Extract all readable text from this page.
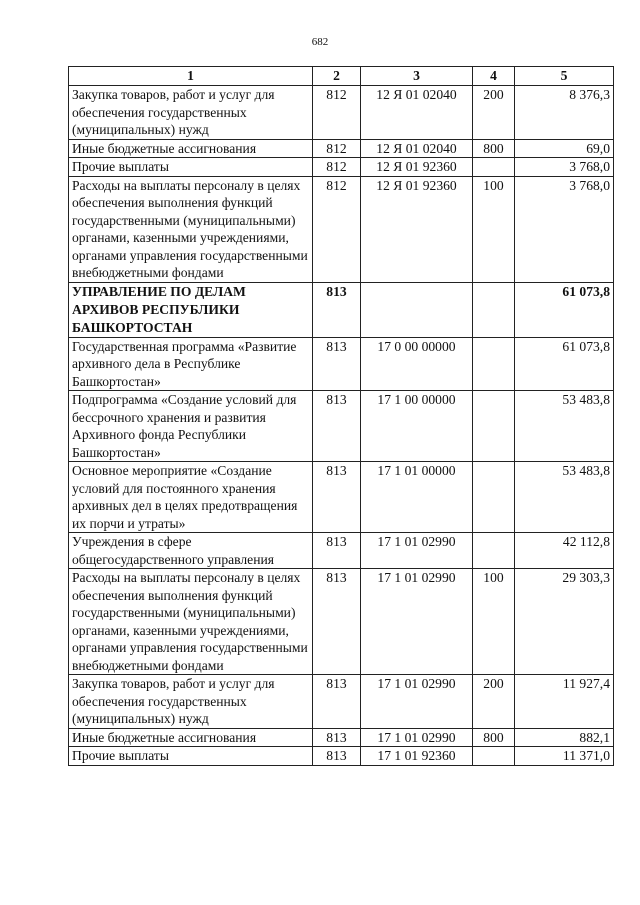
682
1	2	3	4	5
Закупка товаров, работ и услуг для обеспечения государственных (муниципальных) нужд	812	12 Я 01 02040	200	8 376,3
Иные бюджетные ассигнования	812	12 Я 01 02040	800	69,0
Прочие выплаты	812	12 Я 01 92360		3 768,0
Расходы на выплаты персоналу в целях обеспечения выполнения функций государственными (муниципальными) органами, казенными учреждениями, органами управления государственными внебюджетными фондами	812	12 Я 01 92360	100	3 768,0
УПРАВЛЕНИЕ ПО ДЕЛАМ АРХИВОВ РЕСПУБЛИКИ БАШКОРТОСТАН	813			61 073,8
Государственная программа «Развитие архивного дела в Республике Башкортостан»	813	17 0 00 00000		61 073,8
Подпрограмма «Создание условий для бессрочного хранения и развития Архивного фонда Республики Башкортостан»	813	17 1 00 00000		53 483,8
Основное мероприятие «Создание условий для постоянного хранения архивных дел в целях предотвращения их порчи и утраты»	813	17 1 01 00000		53 483,8
Учреждения в сфере общегосударственного управления	813	17 1 01 02990		42 112,8
Расходы на выплаты персоналу в целях обеспечения выполнения функций государственными (муниципальными) органами, казенными учреждениями, органами управления государственными внебюджетными фондами	813	17 1 01 02990	100	29 303,3
Закупка товаров, работ и услуг для обеспечения государственных (муниципальных) нужд	813	17 1 01 02990	200	11 927,4
Иные бюджетные ассигнования	813	17 1 01 02990	800	882,1
Прочие выплаты	813	17 1 01 92360		11 371,0
